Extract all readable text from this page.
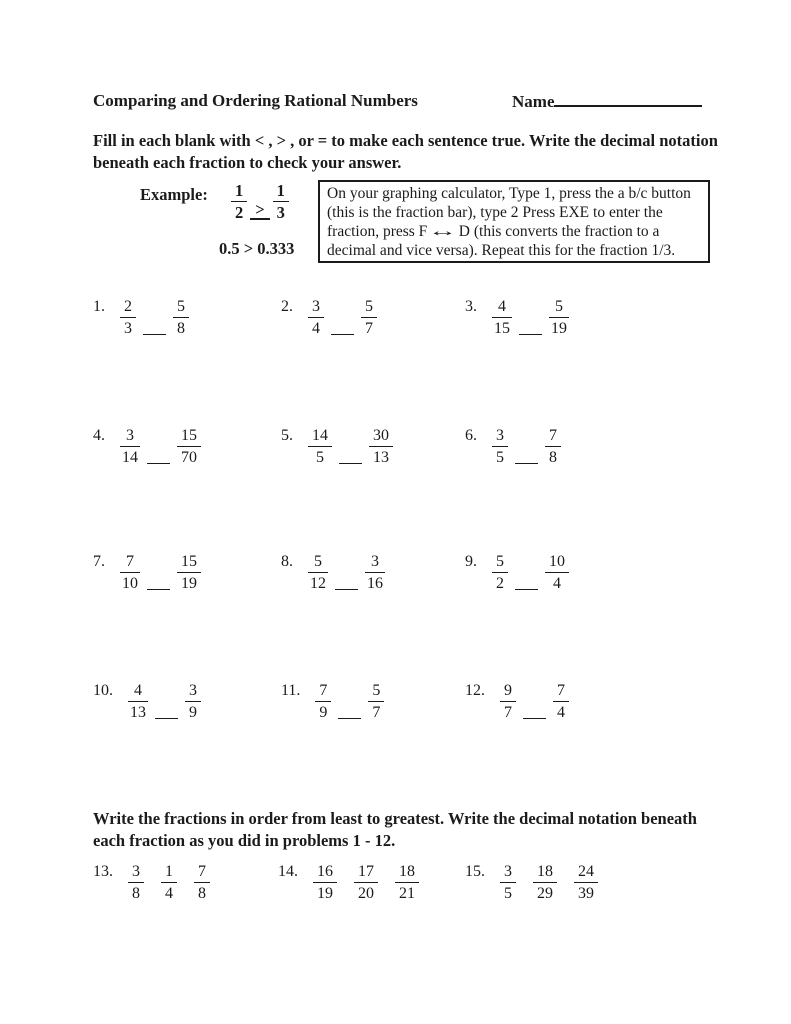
Comparing and Ordering Rational Numbers	Name
Fill in each blank with < , > , or = to make each sentence true. Write the decimal notation
beneath each fraction to check your answer.
Example: $\frac{1}{2} > \frac{1}{3}$
0.5 > 0.333
On your graphing calculator, Type 1, press the a b/c button
(this is the fraction bar), type 2 Press EXE to enter the
fraction, press F↔D (this converts the fraction to a
decimal and vice versa). Repeat this for the fraction 1/3.
1. $\frac{2}{3} \frac{5}{8}$	2. $\frac{3}{4} \frac{5}{7}$	3. $\frac{4}{15} \frac{5}{19}$
4. $\frac{3}{14} \frac{15}{70}$	5. $\frac{14}{5} \frac{30}{13}$	6. $\frac{3}{5} \frac{7}{8}$
7. $\frac{7}{10} \frac{15}{19}$	8. $\frac{5}{12} \frac{3}{16}$	9. $\frac{5}{2} \frac{10}{4}$
10. $\frac{4}{13} \frac{3}{9}$	11. $\frac{7}{9} \frac{5}{7}$	12. $\frac{9}{7} \frac{7}{4}$
Write the fractions in order from least to greatest. Write the decimal notation beneath
each fraction as you did in problems 1 - 12.
13. $\frac{3}{8} \frac{1}{4} \frac{7}{8}$	14. $\frac{16}{19} \frac{17}{20} \frac{18}{21}$	15. $\frac{3}{5} \frac{18}{29} \frac{24}{39}$
